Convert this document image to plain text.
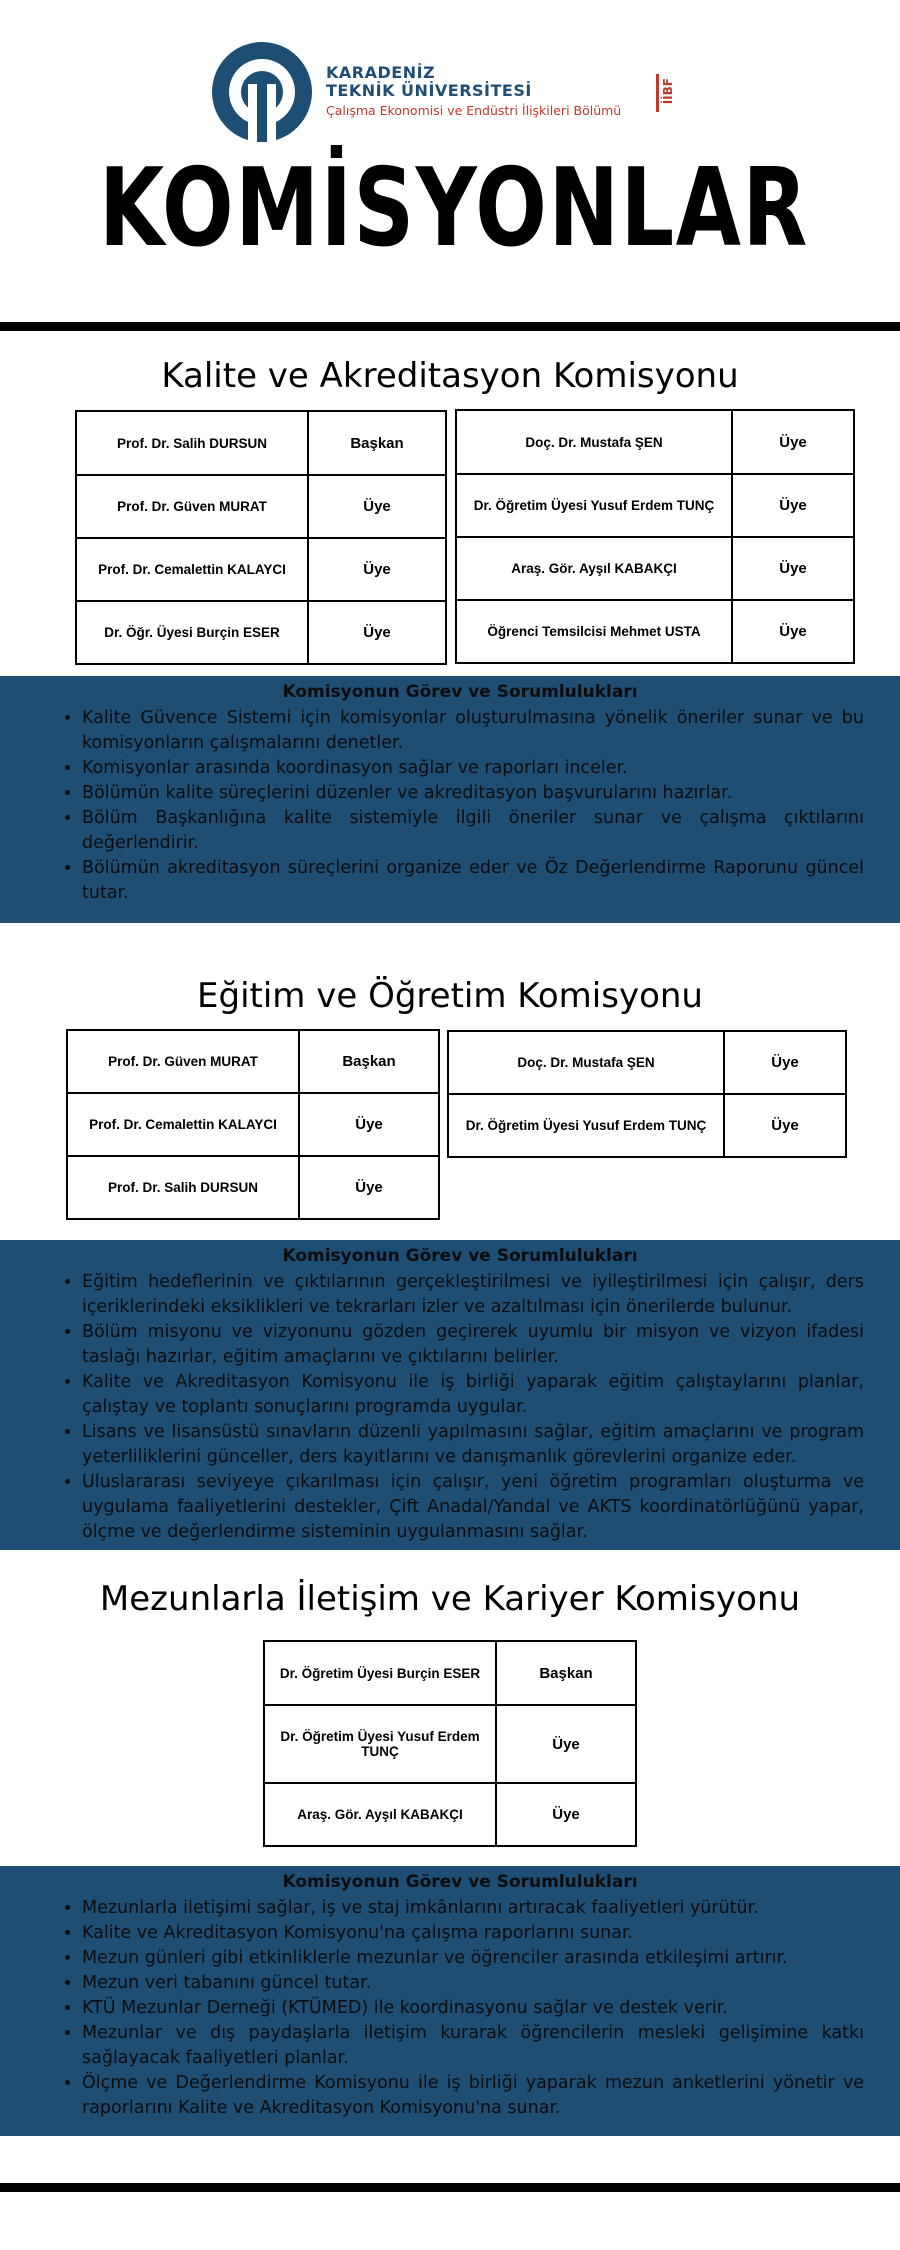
KARADENİZ
TEKNİK ÜNİVERSİTESİ
Çalışma Ekonomisi ve Endüstri İlişkileri Bölümü
İİBF
KOMİSYONLAR
Kalite ve Akreditasyon Komisyonu
Prof. Dr. Salih DURSUN	Başkan
Prof. Dr. Güven MURAT	Üye
Prof. Dr. Cemalettin KALAYCI	Üye
Dr. Öğr. Üyesi Burçin ESER	Üye
Doç. Dr. Mustafa ŞEN	Üye
Dr. Öğretim Üyesi Yusuf Erdem TUNÇ	Üye
Araş. Gör. Ayşıl KABAKÇI	Üye
Öğrenci Temsilcisi Mehmet USTA	Üye
Komisyonun Görev ve Sorumlulukları
• Kalite Güvence Sistemi için komisyonlar oluşturulmasına yönelik öneriler sunar ve bu komisyonların çalışmalarını denetler.
• Komisyonlar arasında koordinasyon sağlar ve raporları inceler.
• Bölümün kalite süreçlerini düzenler ve akreditasyon başvurularını hazırlar.
• Bölüm Başkanlığına kalite sistemiyle ilgili öneriler sunar ve çalışma çıktılarını değerlendirir.
• Bölümün akreditasyon süreçlerini organize eder ve Öz Değerlendirme Raporunu güncel tutar.
Eğitim ve Öğretim Komisyonu
Prof. Dr. Güven MURAT	Başkan
Prof. Dr. Cemalettin KALAYCI	Üye
Prof. Dr. Salih DURSUN	Üye
Doç. Dr. Mustafa ŞEN	Üye
Dr. Öğretim Üyesi Yusuf Erdem TUNÇ	Üye
Komisyonun Görev ve Sorumlulukları
• Eğitim hedeflerinin ve çıktılarının gerçekleştirilmesi ve iyileştirilmesi için çalışır, ders içeriklerindeki eksiklikleri ve tekrarları izler ve azaltılması için önerilerde bulunur.
• Bölüm misyonu ve vizyonunu gözden geçirerek uyumlu bir misyon ve vizyon ifadesi taslağı hazırlar, eğitim amaçlarını ve çıktılarını belirler.
• Kalite ve Akreditasyon Komisyonu ile iş birliği yaparak eğitim çalıştaylarını planlar, çalıştay ve toplantı sonuçlarını programda uygular.
• Lisans ve lisansüstü sınavların düzenli yapılmasını sağlar, eğitim amaçlarını ve program yeterliliklerini günceller, ders kayıtlarını ve danışmanlık görevlerini organize eder.
• Uluslararası seviyeye çıkarılması için çalışır, yeni öğretim programları oluşturma ve uygulama faaliyetlerini destekler, Çift Anadal/Yandal ve AKTS koordinatörlüğünü yapar, ölçme ve değerlendirme sisteminin uygulanmasını sağlar.
Mezunlarla İletişim ve Kariyer Komisyonu
Dr. Öğretim Üyesi Burçin ESER	Başkan
Dr. Öğretim Üyesi Yusuf Erdem TUNÇ	Üye
Araş. Gör. Ayşıl KABAKÇI	Üye
Komisyonun Görev ve Sorumlulukları
• Mezunlarla iletişimi sağlar, iş ve staj imkânlarını artıracak faaliyetleri yürütür.
• Kalite ve Akreditasyon Komisyonu'na çalışma raporlarını sunar.
• Mezun günleri gibi etkinliklerle mezunlar ve öğrenciler arasında etkileşimi artırır.
• Mezun veri tabanını güncel tutar.
• KTÜ Mezunlar Derneği (KTÜMED) ile koordinasyonu sağlar ve destek verir.
• Mezunlar ve dış paydaşlarla iletişim kurarak öğrencilerin mesleki gelişimine katkı sağlayacak faaliyetleri planlar.
• Ölçme ve Değerlendirme Komisyonu ile iş birliği yaparak mezun anketlerini yönetir ve raporlarını Kalite ve Akreditasyon Komisyonu'na sunar.
